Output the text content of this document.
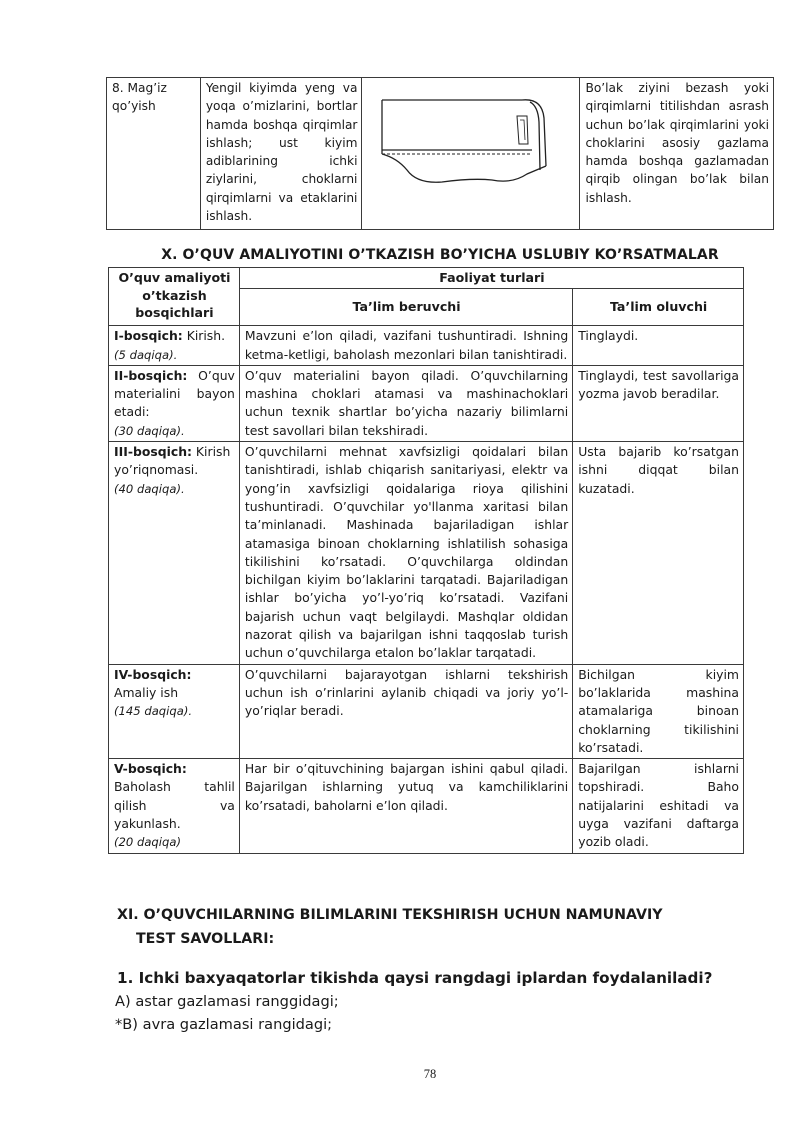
8. Mag’iz
qo’yish	Yengil kiyimda yeng va yoqa o’mizlarini, bortlar hamda boshqa qirqimlar ishlash; ust kiyim adiblarining ichki ziylarini, choklarni qirqimlarni va etaklarini ishlash.		Bo’lak ziyini bezash yoki qirqimlarni titilishdan asrash uchun bo’lak qirqimlarini yoki choklarini asosiy gazlama hamda boshqa gazlamadan qirqib olingan bo’lak bilan ishlash.
X. O’QUV AMALIYOTINI O’TKAZISH BO’YICHA USLUBIY KO’RSATMALAR
O’quv amaliyoti o’tkazish bosqichlari	Faoliyat turlari	
	Ta’lim beruvchi	Ta’lim oluvchi
I-bosqich: Kirish.
(5 daqiqa).	Mavzuni e’lon qiladi, vazifani tushuntiradi. Ishning ketma-ketligi, baholash mezonlari bilan tanishtiradi.	Tinglaydi.

II-bosqich: O’quv materialini bayon etadi:
(30 daqiqa).	O’quv materialini bayon qiladi. O’quvchilarning mashina choklari atamasi va mashinachoklari uchun texnik shartlar bo’yicha nazariy bilimlarni test savollari bilan tekshiradi.	Tinglaydi, test savollariga yozma javob beradilar.
III-bosqich: Kirish yo’riqnomasi.
(40 daqiqa).	O’quvchilarni mehnat xavfsizligi qoidalari bilan tanishtiradi, ishlab chiqarish sanitariyasi, elektr va yong’in xavfsizligi qoidalariga rioya qilishini tushuntiradi. O’quvchilar yo'llanma xaritasi bilan ta’minlanadi. Mashinada bajariladigan ishlar atamasiga binoan choklarning ishlatilish sohasiga tikilishini ko’rsatadi. O’quvchilarga oldindan bichilgan kiyim bo’laklarini tarqatadi. Bajariladigan ishlar bo’yicha yo’l-yo’riq ko’rsatadi. Vazifani bajarish uchun vaqt belgilaydi. Mashqlar oldidan nazorat qilish va bajarilgan ishni taqqoslab turish uchun o’quvchilarga etalon bo’laklar tarqatadi.	Usta bajarib ko’rsatgan ishni diqqat bilan kuzatadi.
IV-bosqich:
Amaliy ish
(145 daqiqa).	O’quvchilarni bajarayotgan ishlarni tekshirish uchun ish o’rinlarini aylanib chiqadi va joriy yo’l-yo’riqlar beradi.	Bichilgan kiyim bo’laklarida mashina atamalariga binoan choklarning tikilishini ko’rsatadi.
V-bosqich:

Baholash tahlil qilish va yakunlash.
(20 daqiqa)	Har bir o’qituvchining bajargan ishini qabul qiladi. Bajarilgan ishlarning yutuq va kamchiliklarini ko’rsatadi, baholarni e’lon qiladi.	Bajarilgan ishlarni topshiradi. Baho natijalarini eshitadi va uyga vazifani daftarga yozib oladi.
XI. O’QUVCHILARNING BILIMLARINI TEKSHIRISH UCHUN NAMUNAVIY
TEST SAVOLLARI:
1. Ichki baxyaqatorlar tikishda qaysi rangdagi iplardan foydalaniladi?
A) astar gazlamasi ranggidagi;
*B) avra gazlamasi rangidagi;
78
